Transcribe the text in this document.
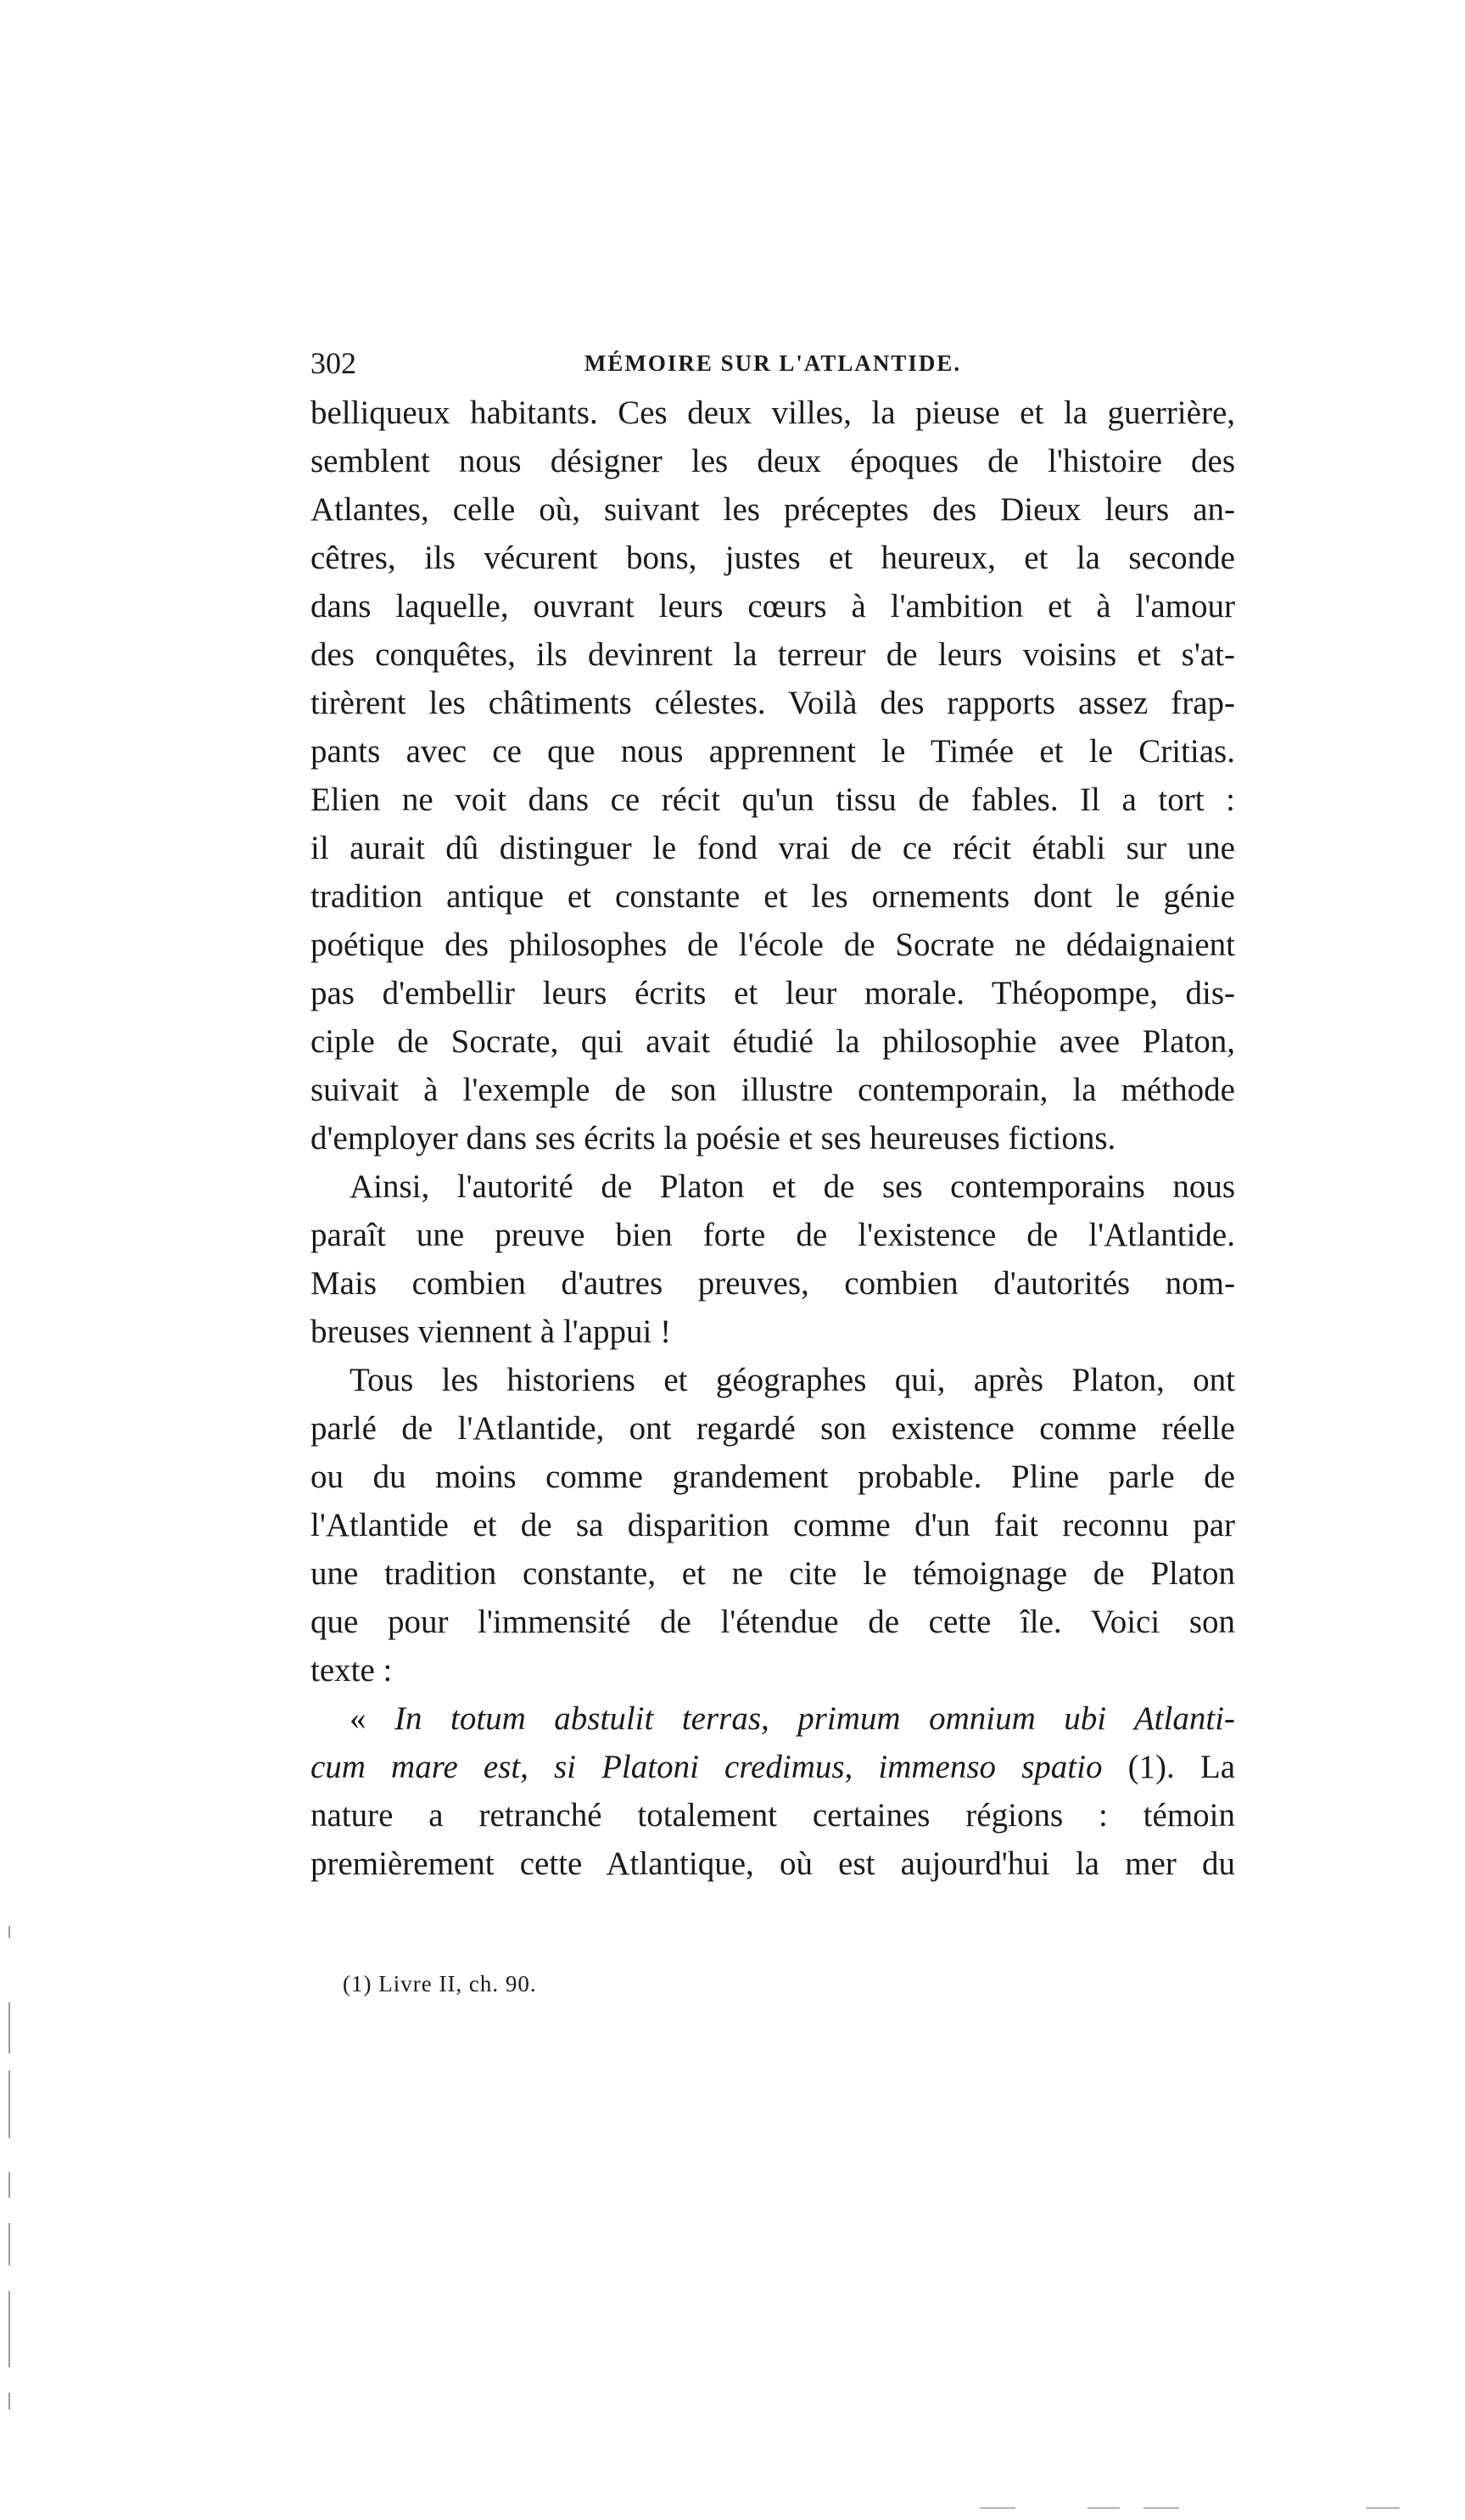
302	MÉMOIRE SUR L'ATLANTIDE.
belliqueux habitants. Ces deux villes, la pieuse et la guerrière,
semblent nous désigner les deux époques de l'histoire des
Atlantes, celle où, suivant les préceptes des Dieux leurs an-
cêtres, ils vécurent bons, justes et heureux, et la seconde
dans laquelle, ouvrant leurs cœurs à l'ambition et à l'amour
des conquêtes, ils devinrent la terreur de leurs voisins et s'at-
tirèrent les châtiments célestes. Voilà des rapports assez frap-
pants avec ce que nous apprennent le Timée et le Critias.
Elien ne voit dans ce récit qu'un tissu de fables. Il a tort :
il aurait dû distinguer le fond vrai de ce récit établi sur une
tradition antique et constante et les ornements dont le génie
poétique des philosophes de l'école de Socrate ne dédaignaient
pas d'embellir leurs écrits et leur morale. Théopompe, dis-
ciple de Socrate, qui avait étudié la philosophie avee Platon,
suivait à l'exemple de son illustre contemporain, la méthode
d'employer dans ses écrits la poésie et ses heureuses fictions.
Ainsi, l'autorité de Platon et de ses contemporains nous
paraît une preuve bien forte de l'existence de l'Atlantide.
Mais combien d'autres preuves, combien d'autorités nom-
breuses viennent à l'appui !
Tous les historiens et géographes qui, après Platon, ont
parlé de l'Atlantide, ont regardé son existence comme réelle
ou du moins comme grandement probable. Pline parle de
l'Atlantide et de sa disparition comme d'un fait reconnu par
une tradition constante, et ne cite le témoignage de Platon
que pour l'immensité de l'étendue de cette île. Voici son
texte :
« In totum abstulit terras, primum omnium ubi Atlanti-
cum mare est, si Platoni credimus, immenso spatio (1). La
nature a retranché totalement certaines régions : témoin
premièrement cette Atlantique, où est aujourd'hui la mer du
(1) Livre II, ch. 90.
